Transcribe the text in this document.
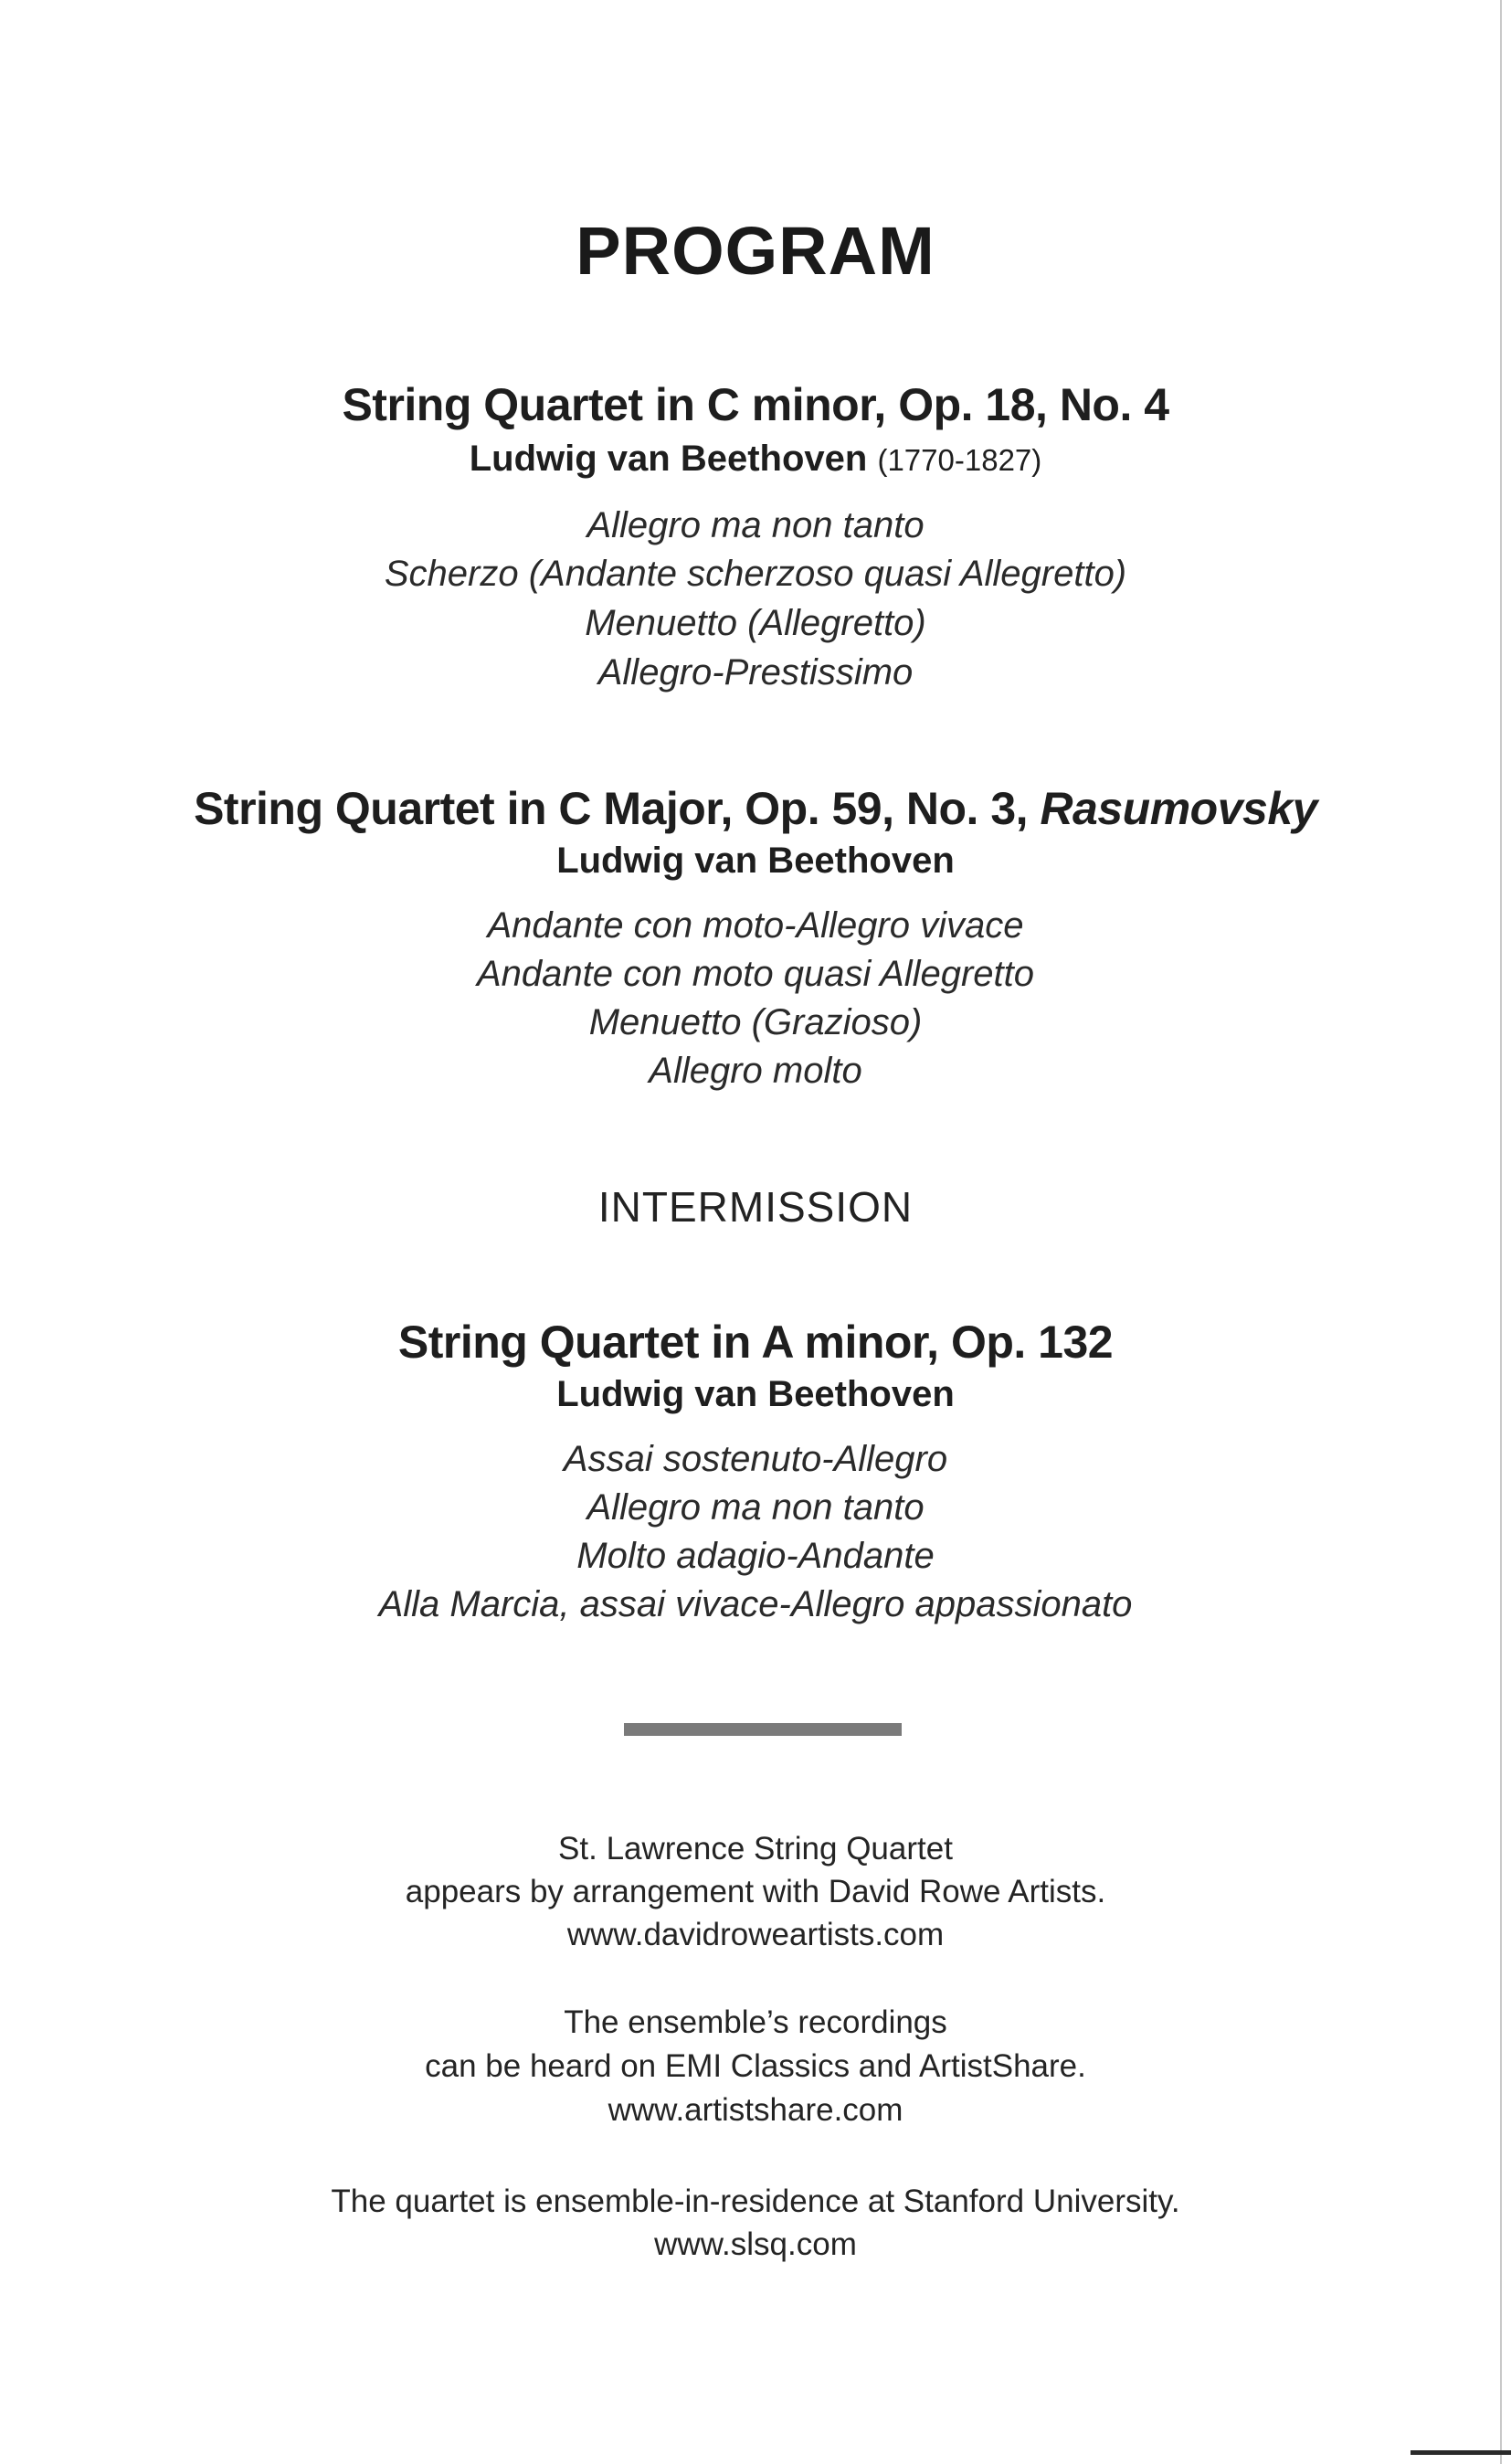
PROGRAM
String Quartet in C minor, Op. 18, No. 4
Ludwig van Beethoven (1770-1827)
Allegro ma non tanto
Scherzo (Andante scherzoso quasi Allegretto)
Menuetto (Allegretto)
Allegro-Prestissimo
String Quartet in C Major, Op. 59, No. 3, Rasumovsky
Ludwig van Beethoven
Andante con moto-Allegro vivace
Andante con moto quasi Allegretto
Menuetto (Grazioso)
Allegro molto
INTERMISSION
String Quartet in A minor, Op. 132
Ludwig van Beethoven
Assai sostenuto-Allegro
Allegro ma non tanto
Molto adagio-Andante
Alla Marcia, assai vivace-Allegro appassionato
St. Lawrence String Quartet
appears by arrangement with David Rowe Artists.
www.davidroweartists.com
The ensemble’s recordings
can be heard on EMI Classics and ArtistShare.
www.artistshare.com
The quartet is ensemble-in-residence at Stanford University.
www.slsq.com
